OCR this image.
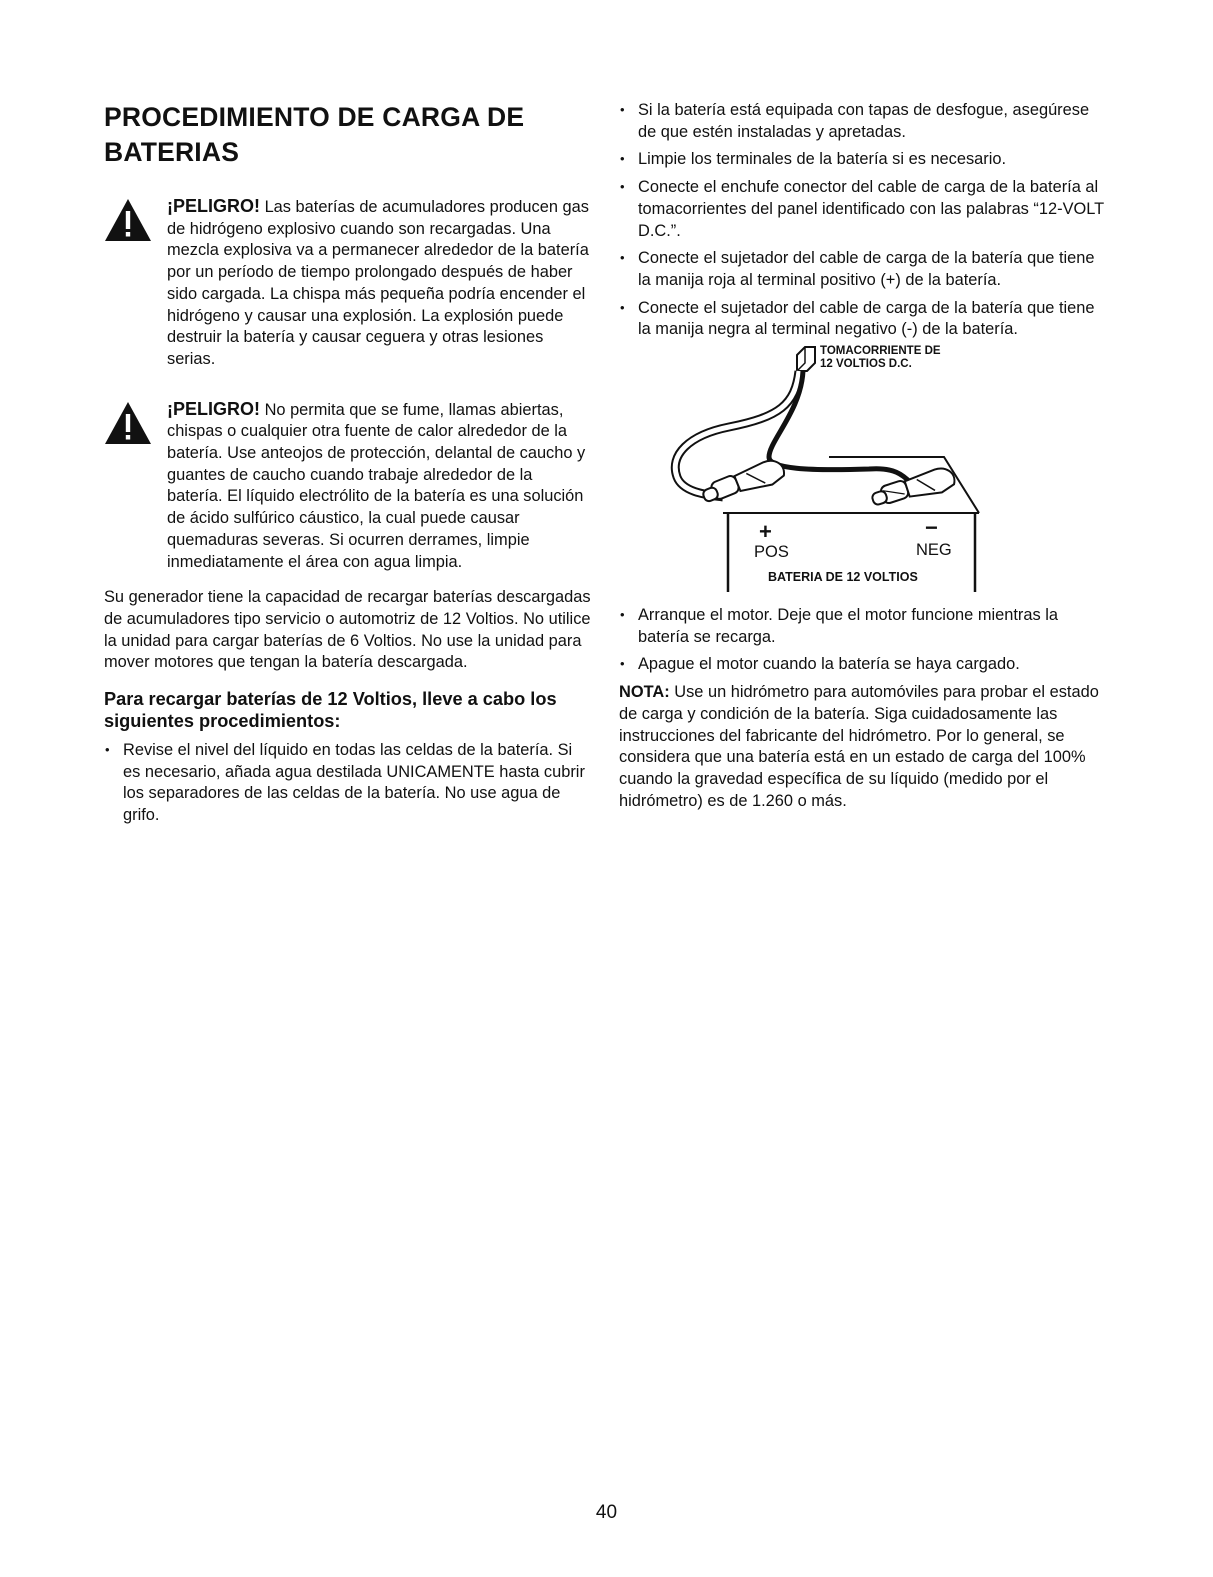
PROCEDIMIENTO DE CARGA DE
BATERIAS
¡PELIGRO! Las baterías de acumuladores producen gas de hidrógeno explosivo cuando son recargadas. Una mezcla explosiva va a permanecer alrededor de la batería por un período de tiempo prolongado después de haber sido cargada. La chispa más pequeña podría encender el hidrógeno y causar una explosión. La explosión puede destruir la batería y causar ceguera y otras lesiones serias.
¡PELIGRO! No permita que se fume, llamas abiertas, chispas o cualquier otra fuente de calor alrededor de la batería. Use anteojos de protección, delantal de caucho y guantes de caucho cuando trabaje alrededor de la batería. El líquido electrólito de la batería es una solución de ácido sulfúrico cáustico, la cual puede causar quemaduras severas. Si ocurren derrames, limpie inmediatamente el área con agua limpia.

Su generador tiene la capacidad de recargar baterías descargadas de acumuladores tipo servicio o automotriz de 12 Voltios. No utilice la unidad para cargar baterías de 6 Voltios. No use la unidad para mover motores que tengan la batería descargada.

Para recargar baterías de 12 Voltios, lleve a cabo los siguientes procedimientos:

• Revise el nivel del líquido en todas las celdas de la batería. Si es necesario, añada agua destilada UNICAMENTE hasta cubrir los separadores de las celdas de la batería. No use agua de grifo.
• Si la batería está equipada con tapas de desfogue, asegúrese de que estén instaladas y apretadas.
• Limpie los terminales de la batería si es necesario.
• Conecte el enchufe conector del cable de carga de la batería al tomacorrientes del panel identificado con las palabras “12-VOLT D.C.”.
• Conecte el sujetador del cable de carga de la batería que tiene la manija roja al terminal positivo (+) de la batería.
• Conecte el sujetador del cable de carga de la batería que tiene la manija negra al terminal negativo (-) de la batería.
TOMACORRIENTE DE
12 VOLTIOS D.C.
+	−
POS	NEG
BATERIA DE 12 VOLTIOS
• Arranque el motor. Deje que el motor funcione mientras la batería se recarga.
• Apague el motor cuando la batería se haya cargado.
NOTA: Use un hidrómetro para automóviles para probar el estado de carga y condición de la batería. Siga cuidadosamente las instrucciones del fabricante del hidrómetro. Por lo general, se considera que una batería está en un estado de carga del 100% cuando la gravedad específica de su líquido (medido por el hidrómetro) es de 1.260 o más.
40
